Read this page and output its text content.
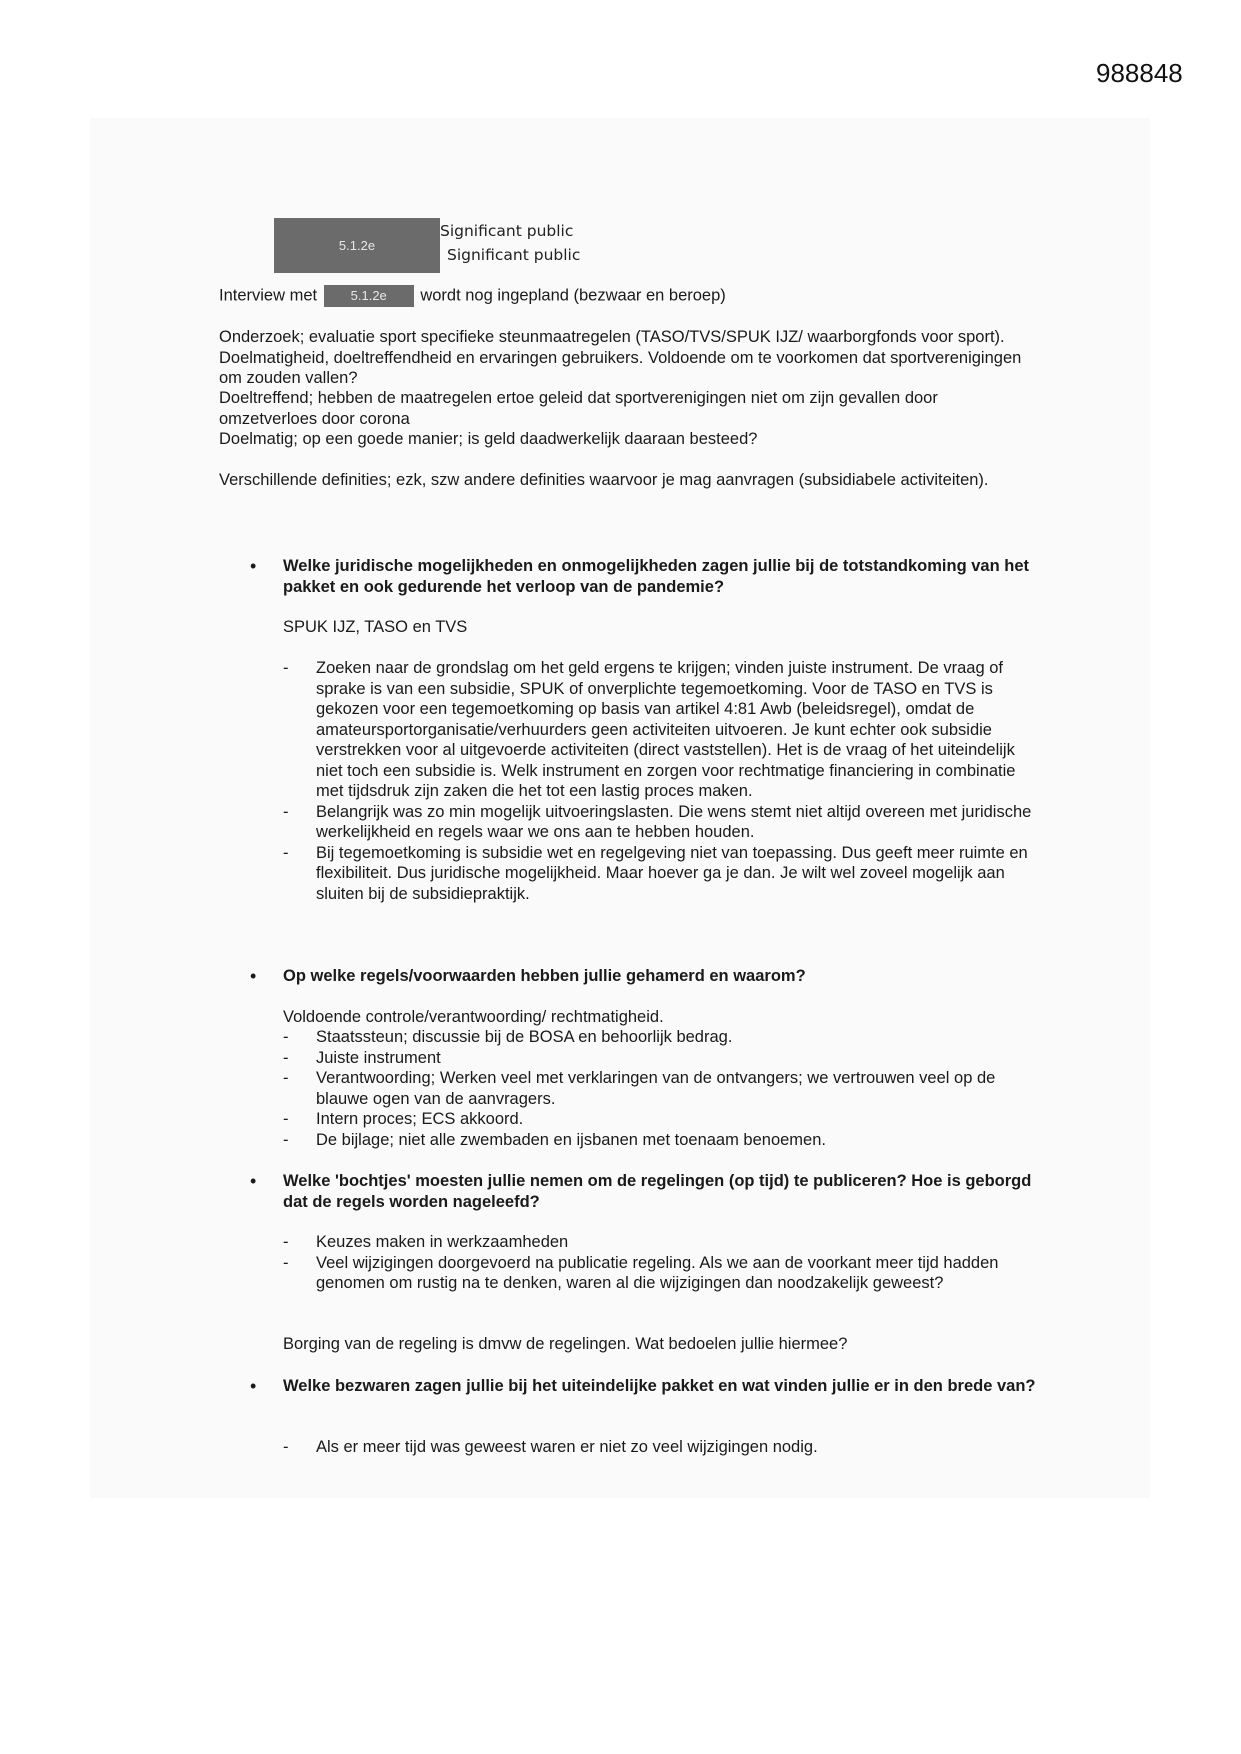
988848
5.1.2e
Significant public
Significant public
Interview met	5.1.2e wordt nog ingepland (bezwaar en beroep)
Onderzoek; evaluatie sport specifieke steunmaatregelen (TASO/TVS/SPUK IJZ/ waarborgfonds voor sport). Doelmatigheid, doeltreffendheid en ervaringen gebruikers. Voldoende om te voorkomen dat sportverenigingen om zouden vallen?
Doeltreffend; hebben de maatregelen ertoe geleid dat sportverenigingen niet om zijn gevallen door omzetverloes door corona
Doelmatig; op een goede manier; is geld daadwerkelijk daaraan besteed?
Verschillende definities; ezk, szw andere definities waarvoor je mag aanvragen (subsidiabele activiteiten).
• Welke juridische mogelijkheden en onmogelijkheden zagen jullie bij de totstandkoming van het pakket en ook gedurende het verloop van de pandemie?
SPUK IJZ, TASO en TVS
- Zoeken naar de grondslag om het geld ergens te krijgen; vinden juiste instrument. De vraag of sprake is van een subsidie, SPUK of onverplichte tegemoetkoming. Voor de TASO en TVS is gekozen voor een tegemoetkoming op basis van artikel 4:81 Awb (beleidsregel), omdat de amateursportorganisatie/verhuurders geen activiteiten uitvoeren. Je kunt echter ook subsidie verstrekken voor al uitgevoerde activiteiten (direct vaststellen). Het is de vraag of het uiteindelijk niet toch een subsidie is. Welk instrument en zorgen voor rechtmatige financiering in combinatie met tijdsdruk zijn zaken die het tot een lastig proces maken.
- Belangrijk was zo min mogelijk uitvoeringslasten. Die wens stemt niet altijd overeen met juridische werkelijkheid en regels waar we ons aan te hebben houden.
- Bij tegemoetkoming is subsidie wet en regelgeving niet van toepassing. Dus geeft meer ruimte en flexibiliteit. Dus juridische mogelijkheid. Maar hoever ga je dan. Je wilt wel zoveel mogelijk aan sluiten bij de subsidiepraktijk.
• Op welke regels/voorwaarden hebben jullie gehamerd en waarom?
Voldoende controle/verantwoording/ rechtmatigheid.
- Staatssteun; discussie bij de BOSA en behoorlijk bedrag.
- Juiste instrument
- Verantwoording; Werken veel met verklaringen van de ontvangers; we vertrouwen veel op de blauwe ogen van de aanvragers.
- Intern proces; ECS akkoord.
- De bijlage; niet alle zwembaden en ijsbanen met toenaam benoemen.
• Welke 'bochtjes' moesten jullie nemen om de regelingen (op tijd) te publiceren? Hoe is geborgd dat de regels worden nageleefd?
- Keuzes maken in werkzaamheden
- Veel wijzigingen doorgevoerd na publicatie regeling. Als we aan de voorkant meer tijd hadden genomen om rustig na te denken, waren al die wijzigingen dan noodzakelijk geweest?
Borging van de regeling is dmvw de regelingen. Wat bedoelen jullie hiermee?
• Welke bezwaren zagen jullie bij het uiteindelijke pakket en wat vinden jullie er in den brede van?
- Als er meer tijd was geweest waren er niet zo veel wijzigingen nodig.
